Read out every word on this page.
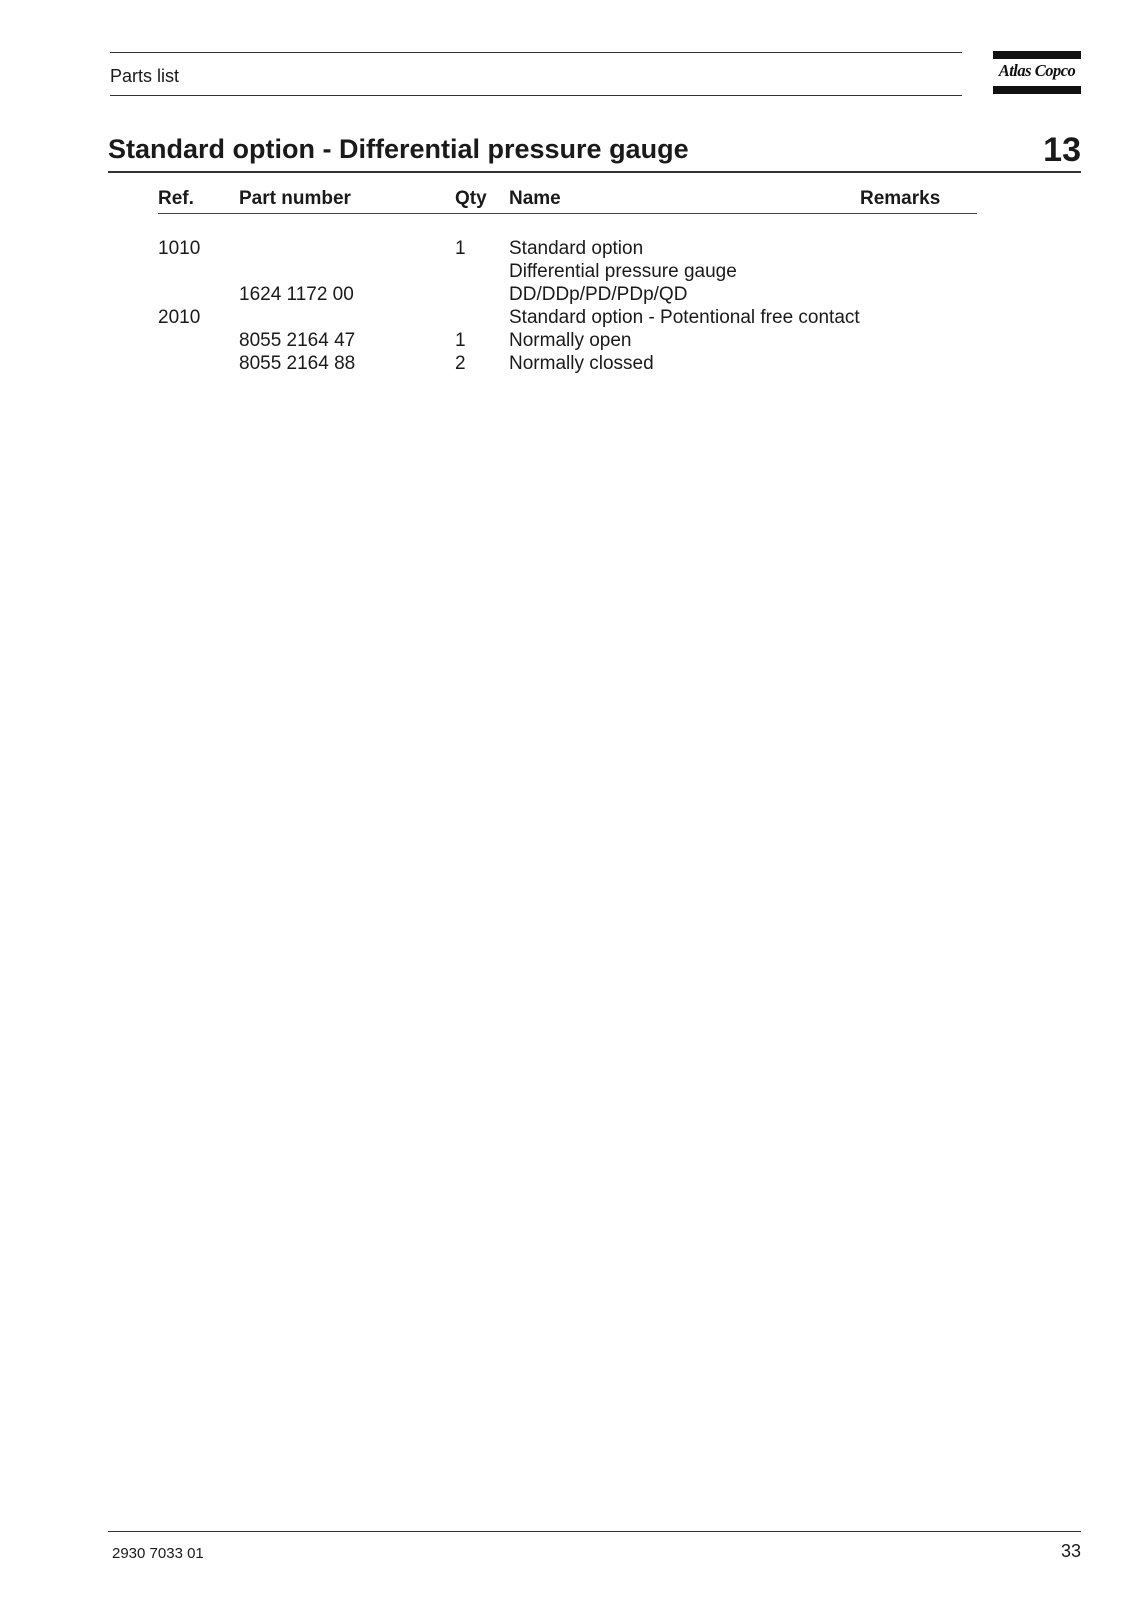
Parts list	Atlas Copco
Standard option - Differential pressure gauge	13
Ref. Part number	Qty Name	Remarks
1010	1 Standard option
Differential pressure gauge
1624 1172 00	DD/DDp/PD/PDp/QD
2010	Standard option - Potentional free contact
8055 2164 47	1 Normally open
8055 2164 88	2 Normally clossed
2930 7033 01	33
